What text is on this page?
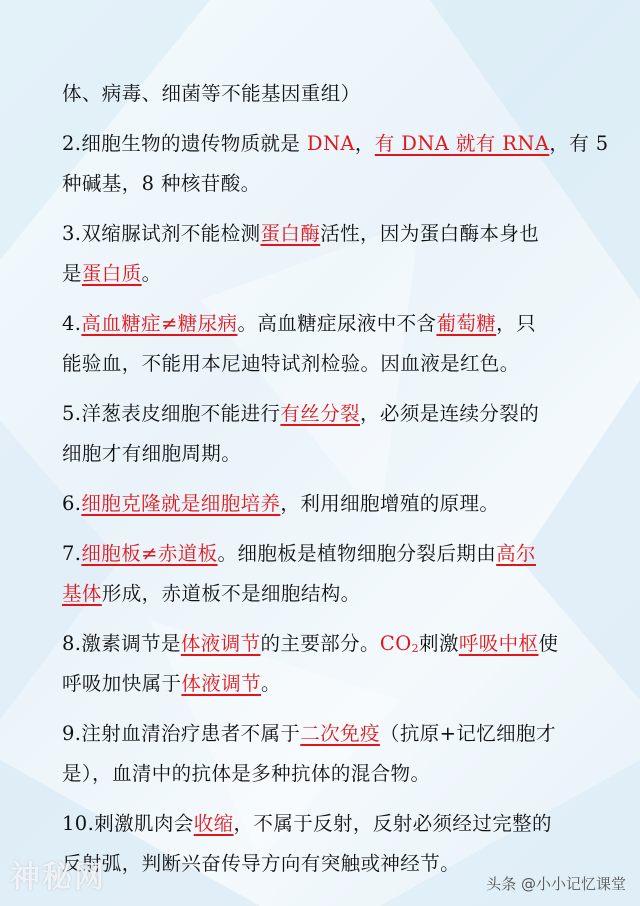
体、病毒、细菌等不能基因重组）
2.细胞生物的遗传物质就是 DNA，有 DNA 就有 RNA，有 5
种碱基，8 种核苷酸。
3.双缩脲试剂不能检测蛋白酶活性，因为蛋白酶本身也
是蛋白质。
4.高血糖症≠糖尿病。高血糖症尿液中不含葡萄糖，只
能验血，不能用本尼迪特试剂检验。因血液是红色。
5.洋葱表皮细胞不能进行有丝分裂，必须是连续分裂的
细胞才有细胞周期。
6.细胞克隆就是细胞培养，利用细胞增殖的原理。
7.细胞板≠赤道板。细胞板是植物细胞分裂后期由高尔
基体形成，赤道板不是细胞结构。
8.激素调节是体液调节的主要部分。CO2刺激呼吸中枢使
呼吸加快属于体液调节。
9.注射血清治疗患者不属于二次免疫（抗原+记忆细胞才
是），血清中的抗体是多种抗体的混合物。
10.刺激肌肉会收缩，不属于反射，反射必须经过完整的
反射弧，判断兴奋传导方向有突触或神经节。
神秘网	头条 @小小记忆课堂
